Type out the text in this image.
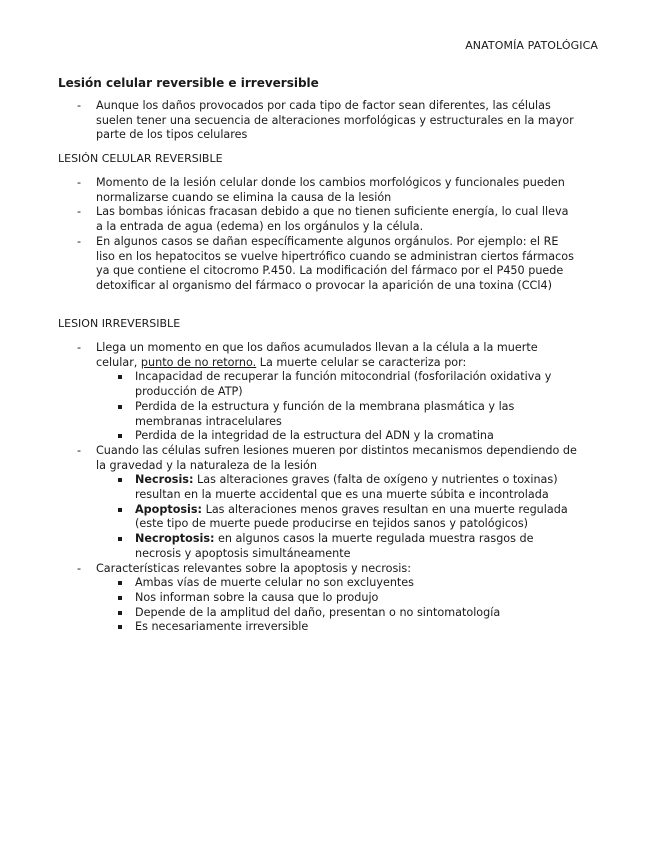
ANATOMÍA PATOLÓGICA
Lesión celular reversible e irreversible
- Aunque los daños provocados por cada tipo de factor sean diferentes, las células suelen tener una secuencia de alteraciones morfológicas y estructurales en la mayor parte de los tipos celulares
LESIÓN CELULAR REVERSIBLE
- Momento de la lesión celular donde los cambios morfológicos y funcionales pueden normalizarse cuando se elimina la causa de la lesión
- Las bombas iónicas fracasan debido a que no tienen suficiente energía, lo cual lleva a la entrada de agua (edema) en los orgánulos y la célula.
- En algunos casos se dañan específicamente algunos orgánulos. Por ejemplo: el RE liso en los hepatocitos se vuelve hipertrófico cuando se administran ciertos fármacos ya que contiene el citocromo P.450. La modificación del fármaco por el P450 puede detoxificar al organismo del fármaco o provocar la aparición de una toxina (CCl4)
LESION IRREVERSIBLE
- Llega un momento en que los daños acumulados llevan a la célula a la muerte celular, punto de no retorno. La muerte celular se caracteriza por:
Incapacidad de recuperar la función mitocondrial (fosforilación oxidativa y producción de ATP)
Perdida de la estructura y función de la membrana plasmática y las membranas intracelulares
Perdida de la integridad de la estructura del ADN y la cromatina
- Cuando las células sufren lesiones mueren por distintos mecanismos dependiendo de la gravedad y la naturaleza de la lesión
Necrosis: Las alteraciones graves (falta de oxígeno y nutrientes o toxinas) resultan en la muerte accidental que es una muerte súbita e incontrolada
Apoptosis: Las alteraciones menos graves resultan en una muerte regulada (este tipo de muerte puede producirse en tejidos sanos y patológicos)
Necroptosis: en algunos casos la muerte regulada muestra rasgos de necrosis y apoptosis simultáneamente
- Características relevantes sobre la apoptosis y necrosis:
Ambas vías de muerte celular no son excluyentes
Nos informan sobre la causa que lo produjo
Depende de la amplitud del daño, presentan o no sintomatología
Es necesariamente irreversible
